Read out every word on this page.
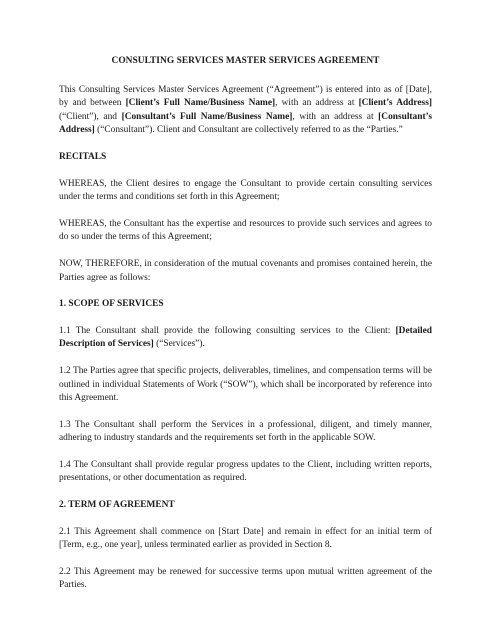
CONSULTING SERVICES MASTER SERVICES AGREEMENT

This Consulting Services Master Services Agreement (“Agreement”) is entered into as of [Date], by and between [Client’s Full Name/Business Name], with an address at [Client’s Address] (“Client”), and [Consultant’s Full Name/Business Name], with an address at [Consultant’s Address] (“Consultant”). Client and Consultant are collectively referred to as the “Parties.”

RECITALS

WHEREAS, the Client desires to engage the Consultant to provide certain consulting services under the terms and conditions set forth in this Agreement;

WHEREAS, the Consultant has the expertise and resources to provide such services and agrees to do so under the terms of this Agreement;

NOW, THEREFORE, in consideration of the mutual covenants and promises contained herein, the Parties agree as follows:

1. SCOPE OF SERVICES

1.1 The Consultant shall provide the following consulting services to the Client: [Detailed Description of Services] (“Services”).

1.2 The Parties agree that specific projects, deliverables, timelines, and compensation terms will be outlined in individual Statements of Work (“SOW”), which shall be incorporated by reference into this Agreement.

1.3 The Consultant shall perform the Services in a professional, diligent, and timely manner, adhering to industry standards and the requirements set forth in the applicable SOW.

1.4 The Consultant shall provide regular progress updates to the Client, including written reports, presentations, or other documentation as required.

2. TERM OF AGREEMENT

2.1 This Agreement shall commence on [Start Date] and remain in effect for an initial term of [Term, e.g., one year], unless terminated earlier as provided in Section 8.

2.2 This Agreement may be renewed for successive terms upon mutual written agreement of the Parties.
